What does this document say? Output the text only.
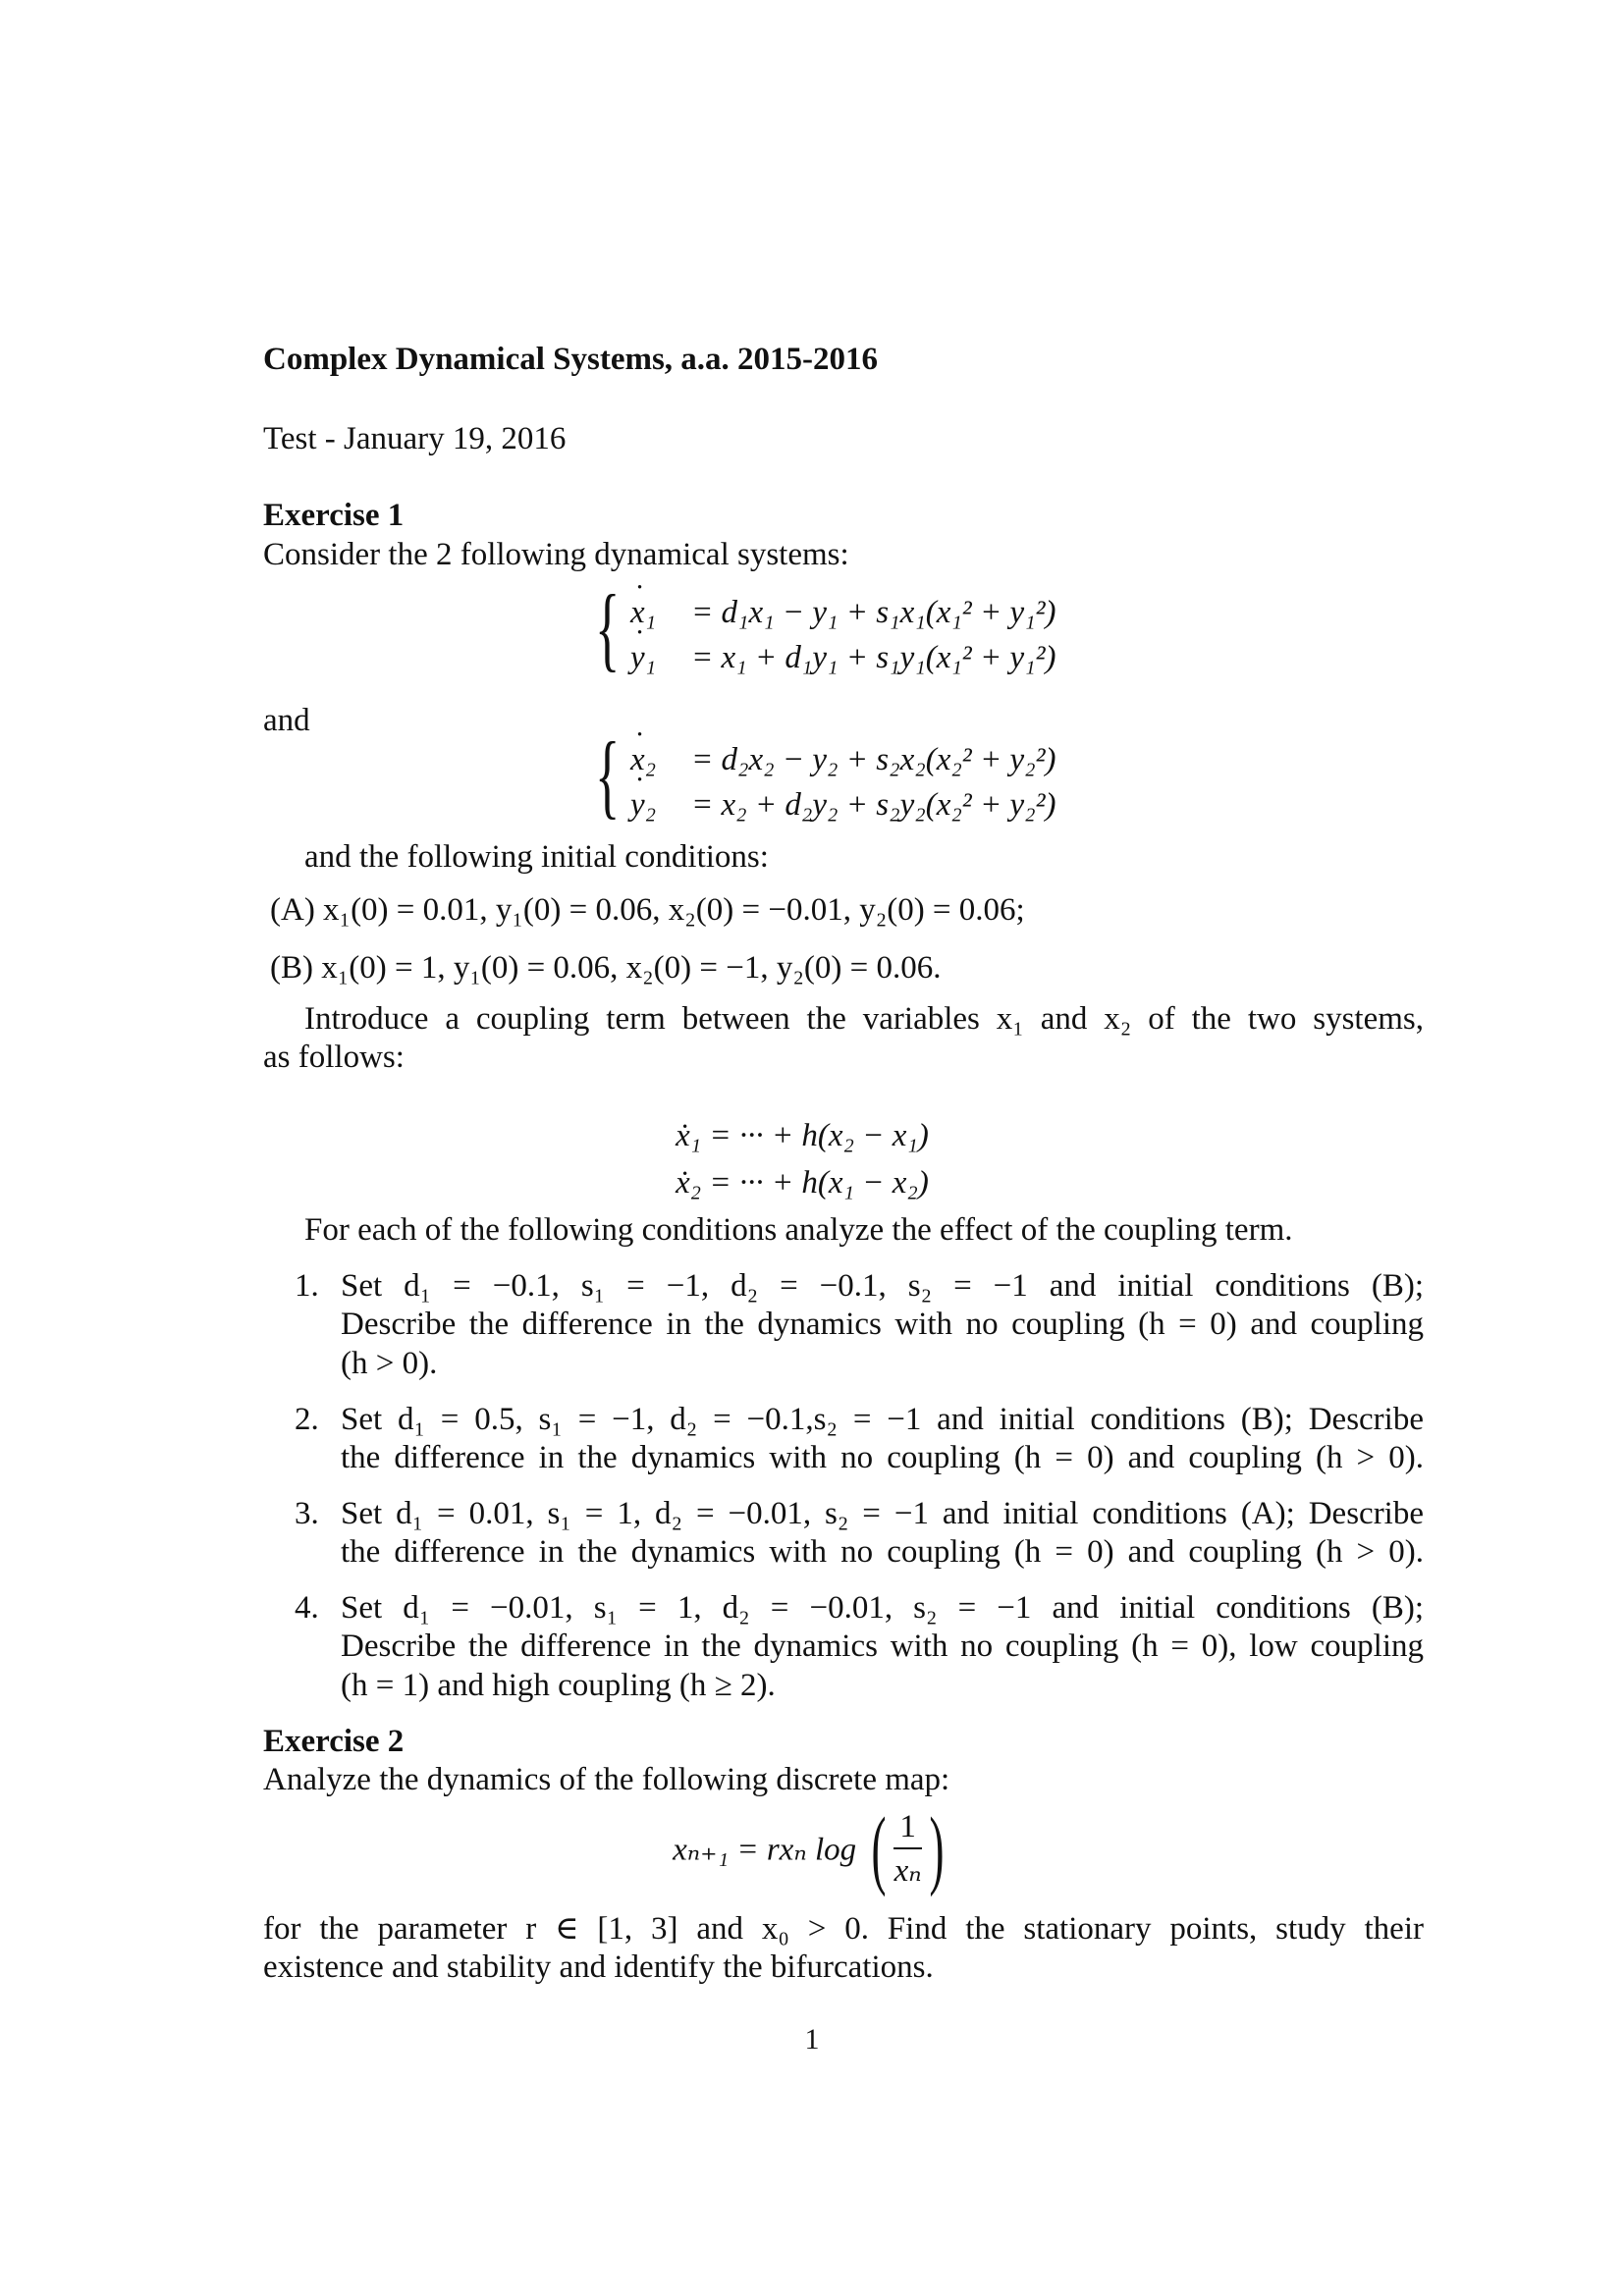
Complex Dynamical Systems, a.a. 2015-2016
Test - January 19, 2016
Exercise 1
Consider the 2 following dynamical systems:
{ ˙ x₁ = d₁x₁ − y₁ + s₁x₁(x₁² + y₁²)
˙ y₁ = x₁ + d₁y₁ + s₁y₁(x₁² + y₁²)
and
{ ˙ x₂ = d₂x₂ − y₂ + s₂x₂(x₂² + y₂²)
˙ y₂ = x₂ + d₂y₂ + s₂y₂(x₂² + y₂²)
and the following initial conditions:
(A) x₁(0) = 0.01, y₁(0) = 0.06, x₂(0) = −0.01, y₂(0) = 0.06;
(B) x₁(0) = 1, y₁(0) = 0.06, x₂(0) = −1, y₂(0) = 0.06.
Introduce a coupling term between the variables x₁ and x₂ of the two systems,
as follows:
ẋ₁ = ··· + h(x₂ − x₁)
ẋ₂ = ··· + h(x₁ − x₂)
For each of the following conditions analyze the effect of the coupling term.
1. Set d₁ = −0.1, s₁ = −1, d₂ = −0.1, s₂ = −1 and initial conditions (B);
Describe the difference in the dynamics with no coupling (h = 0) and coupling
(h > 0).
2. Set d₁ = 0.5, s₁ = −1, d₂ = −0.1,s₂ = −1 and initial conditions (B); Describe
the difference in the dynamics with no coupling (h = 0) and coupling (h > 0).
3. Set d₁ = 0.01, s₁ = 1, d₂ = −0.01, s₂ = −1 and initial conditions (A); Describe
the difference in the dynamics with no coupling (h = 0) and coupling (h > 0).
4. Set d₁ = −0.01, s₁ = 1, d₂ = −0.01, s₂ = −1 and initial conditions (B);
Describe the difference in the dynamics with no coupling (h = 0), low coupling
(h = 1) and high coupling (h ≥ 2).
Exercise 2
Analyze the dynamics of the following discrete map:
xₙ₊₁ = rxₙ log ( $\frac{1}{\text{xₙ}}$ )
for the parameter r ∈ [1, 3] and x₀ > 0. Find the stationary points, study their
existence and stability and identify the bifurcations.
1
